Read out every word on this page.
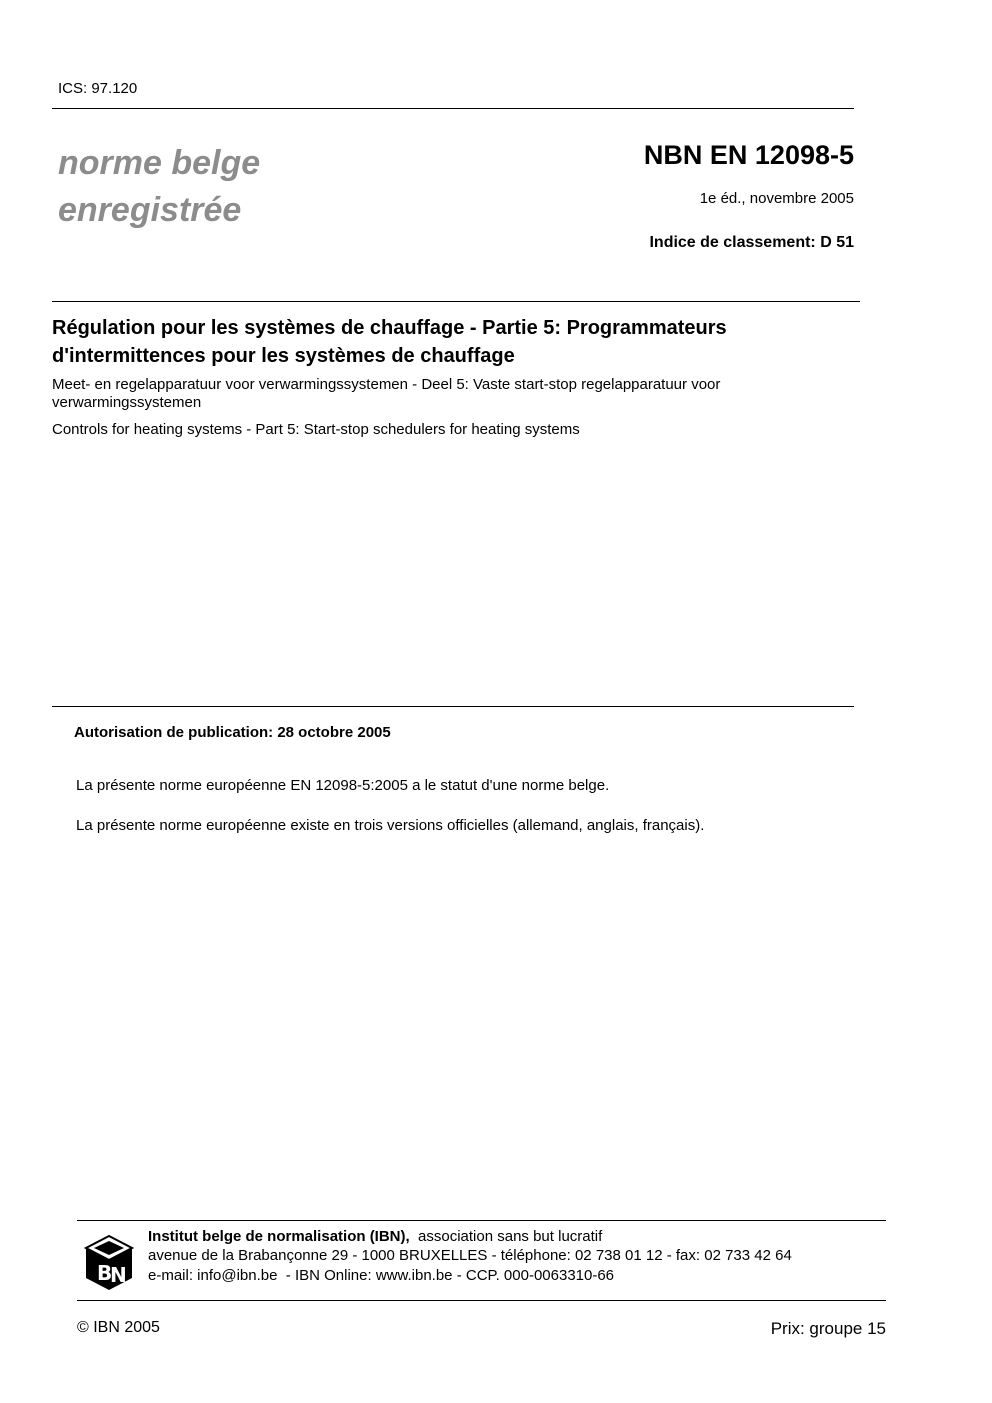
ICS: 97.120
norme belge
enregistrée
NBN EN 12098-5
1e éd., novembre 2005
Indice de classement: D 51
Régulation pour les systèmes de chauffage - Partie 5: Programmateurs d'intermittences pour les systèmes de chauffage
Meet- en regelapparatuur voor verwarmingssystemen - Deel 5: Vaste start-stop regelapparatuur voor verwarmingssystemen
Controls for heating systems - Part 5: Start-stop schedulers for heating systems
Autorisation de publication: 28 octobre 2005
La présente norme européenne EN 12098-5:2005 a le statut d'une norme belge.
La présente norme européenne existe en trois versions officielles (allemand, anglais, français).
B
N
Institut belge de normalisation (IBN),  association sans but lucratif
avenue de la Brabançonne 29 - 1000 BRUXELLES - téléphone: 02 738 01 12 - fax: 02 733 42 64
e-mail: info@ibn.be  - IBN Online: www.ibn.be - CCP. 000-0063310-66
© IBN 2005	Prix: groupe 15
